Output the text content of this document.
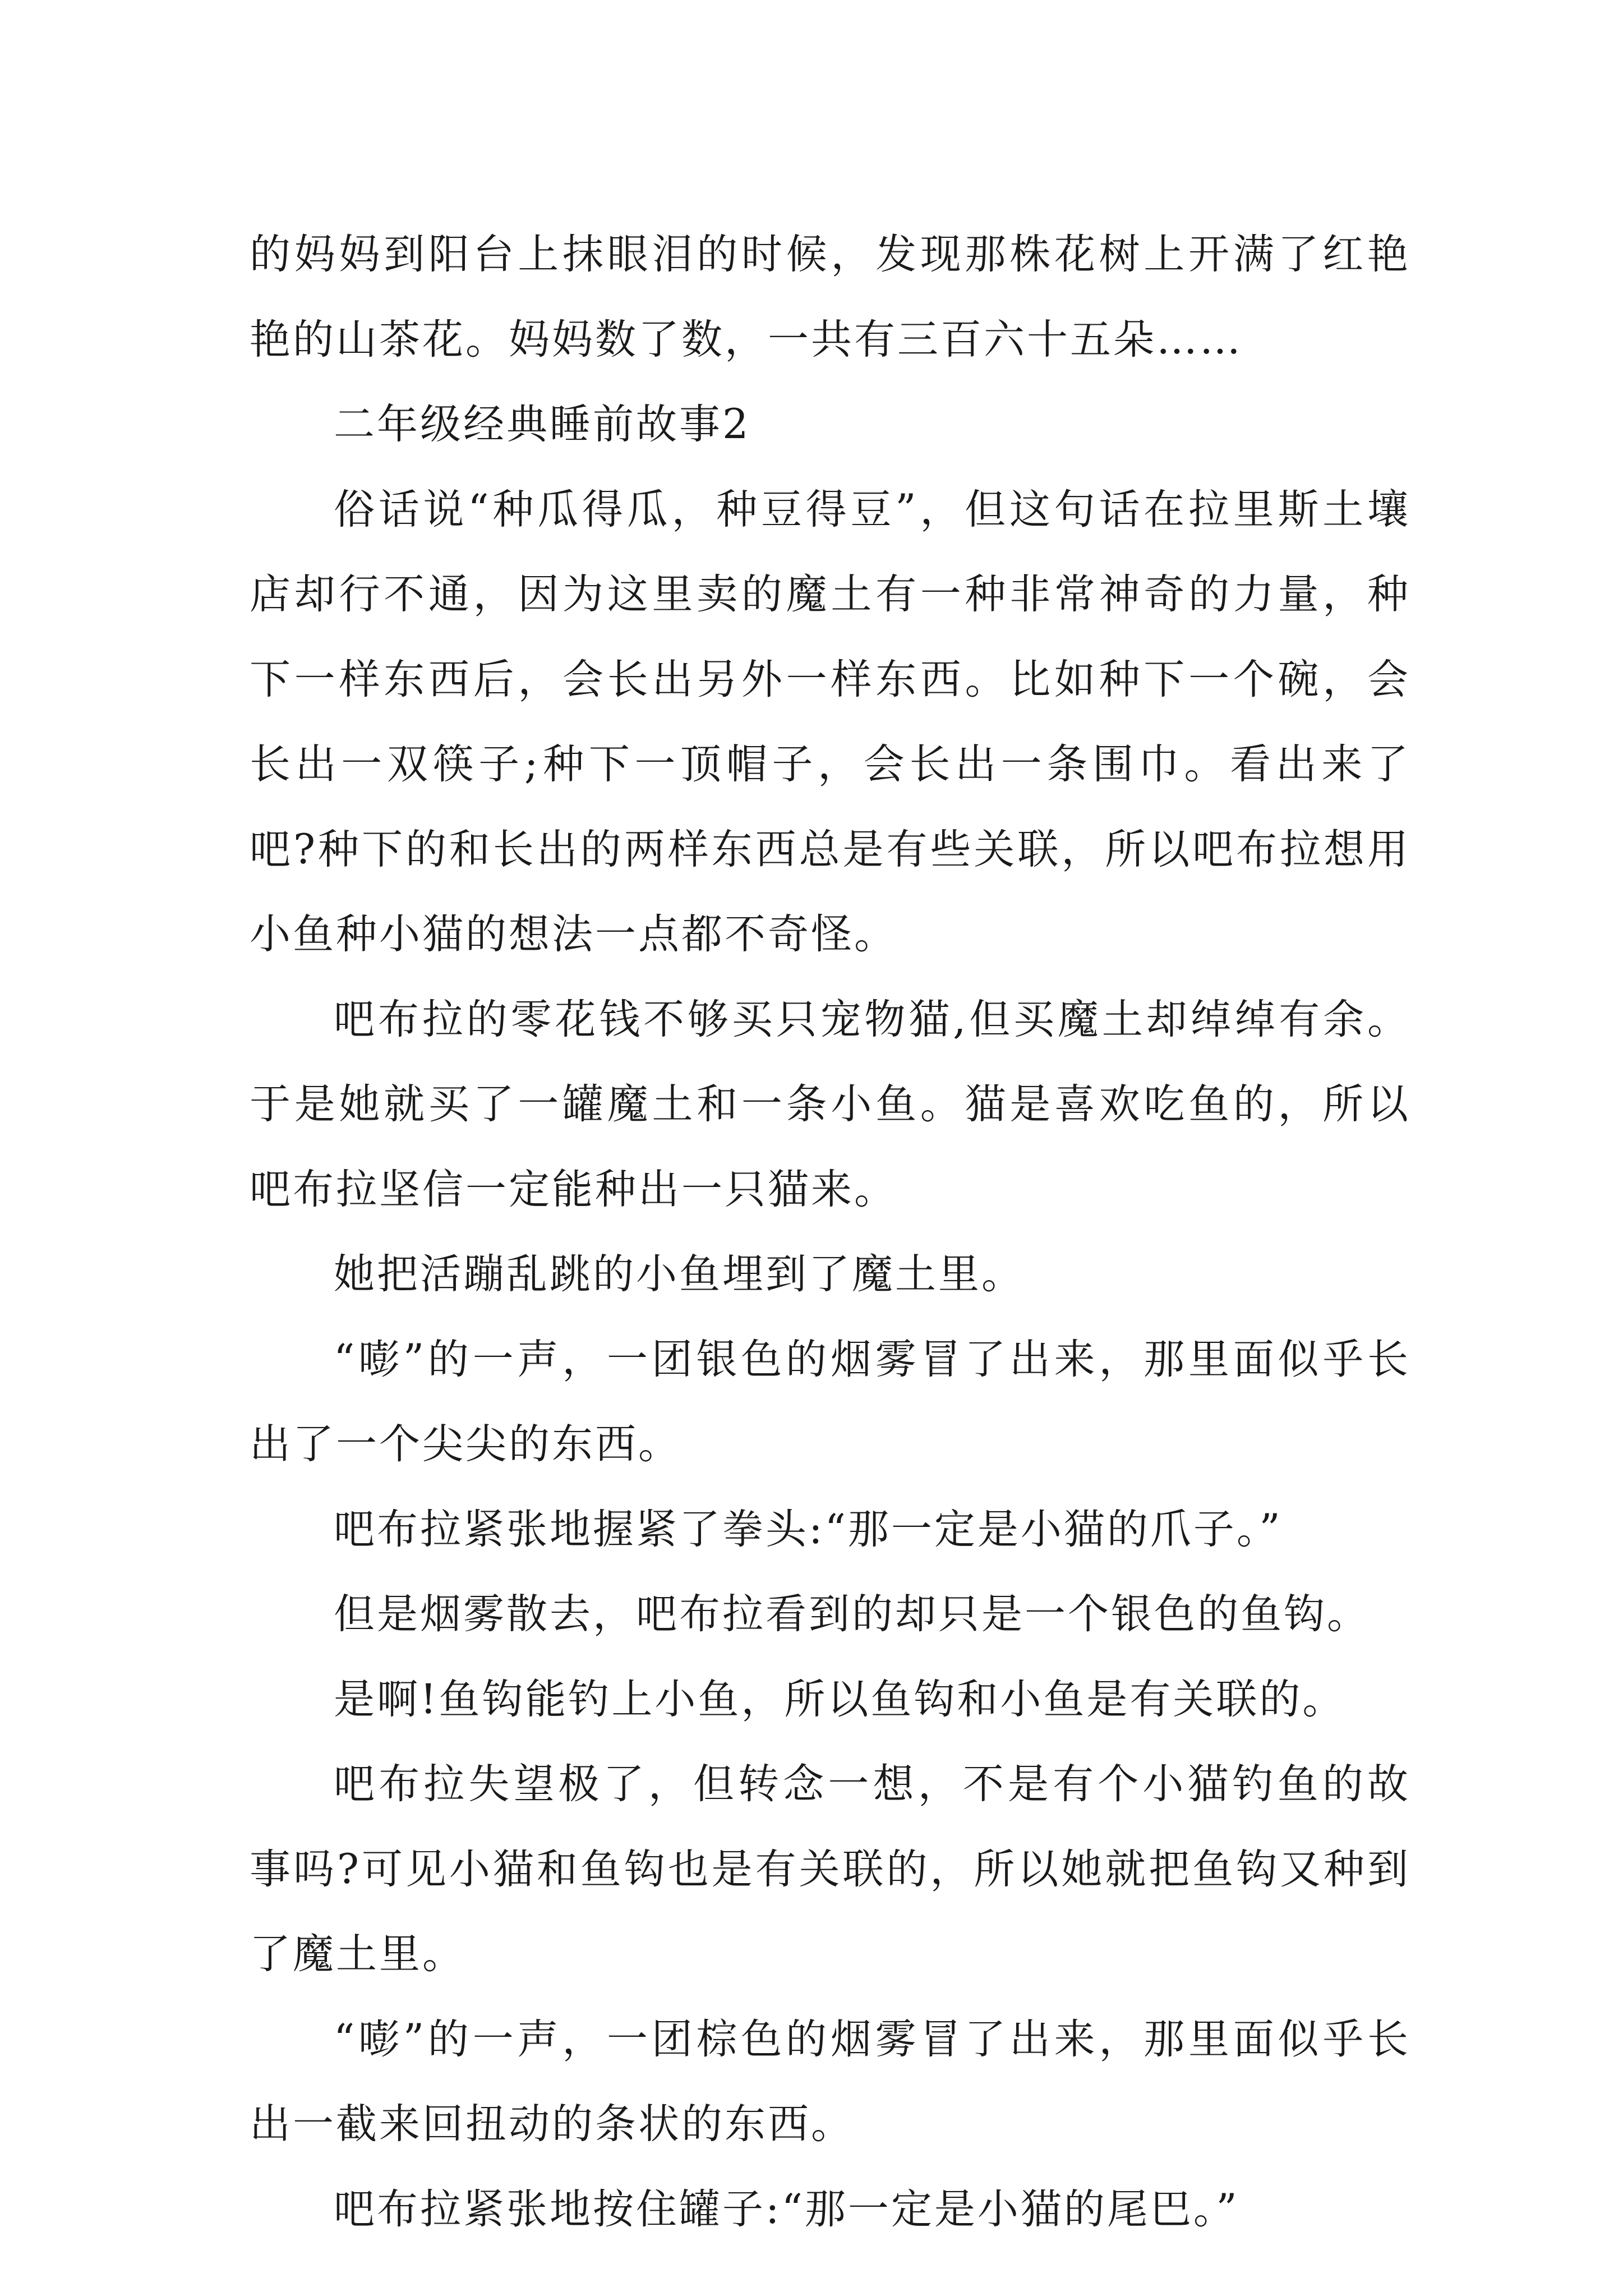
的妈妈到阳台上抹眼泪的时候，发现那株花树上开满了红艳艳的山茶花。妈妈数了数，一共有三百六十五朵……

二年级经典睡前故事2

俗话说“种瓜得瓜，种豆得豆”，但这句话在拉里斯土壤店却行不通，因为这里卖的魔土有一种非常神奇的力量，种下一样东西后，会长出另外一样东西。比如种下一个碗，会长出一双筷子;种下一顶帽子，会长出一条围巾。看出来了吧?种下的和长出的两样东西总是有些关联，所以吧布拉想用小鱼种小猫的想法一点都不奇怪。

吧布拉的零花钱不够买只宠物猫,但买魔土却绰绰有余。于是她就买了一罐魔土和一条小鱼。猫是喜欢吃鱼的，所以吧布拉坚信一定能种出一只猫来。

她把活蹦乱跳的小鱼埋到了魔土里。

“嘭”的一声，一团银色的烟雾冒了出来，那里面似乎长出了一个尖尖的东西。

吧布拉紧张地握紧了拳头:“那一定是小猫的爪子。”

但是烟雾散去，吧布拉看到的却只是一个银色的鱼钩。

是啊!鱼钩能钓上小鱼，所以鱼钩和小鱼是有关联的。

吧布拉失望极了，但转念一想，不是有个小猫钓鱼的故事吗?可见小猫和鱼钩也是有关联的，所以她就把鱼钩又种到了魔土里。

“嘭”的一声，一团棕色的烟雾冒了出来，那里面似乎长出一截来回扭动的条状的东西。

吧布拉紧张地按住罐子:“那一定是小猫的尾巴。”
